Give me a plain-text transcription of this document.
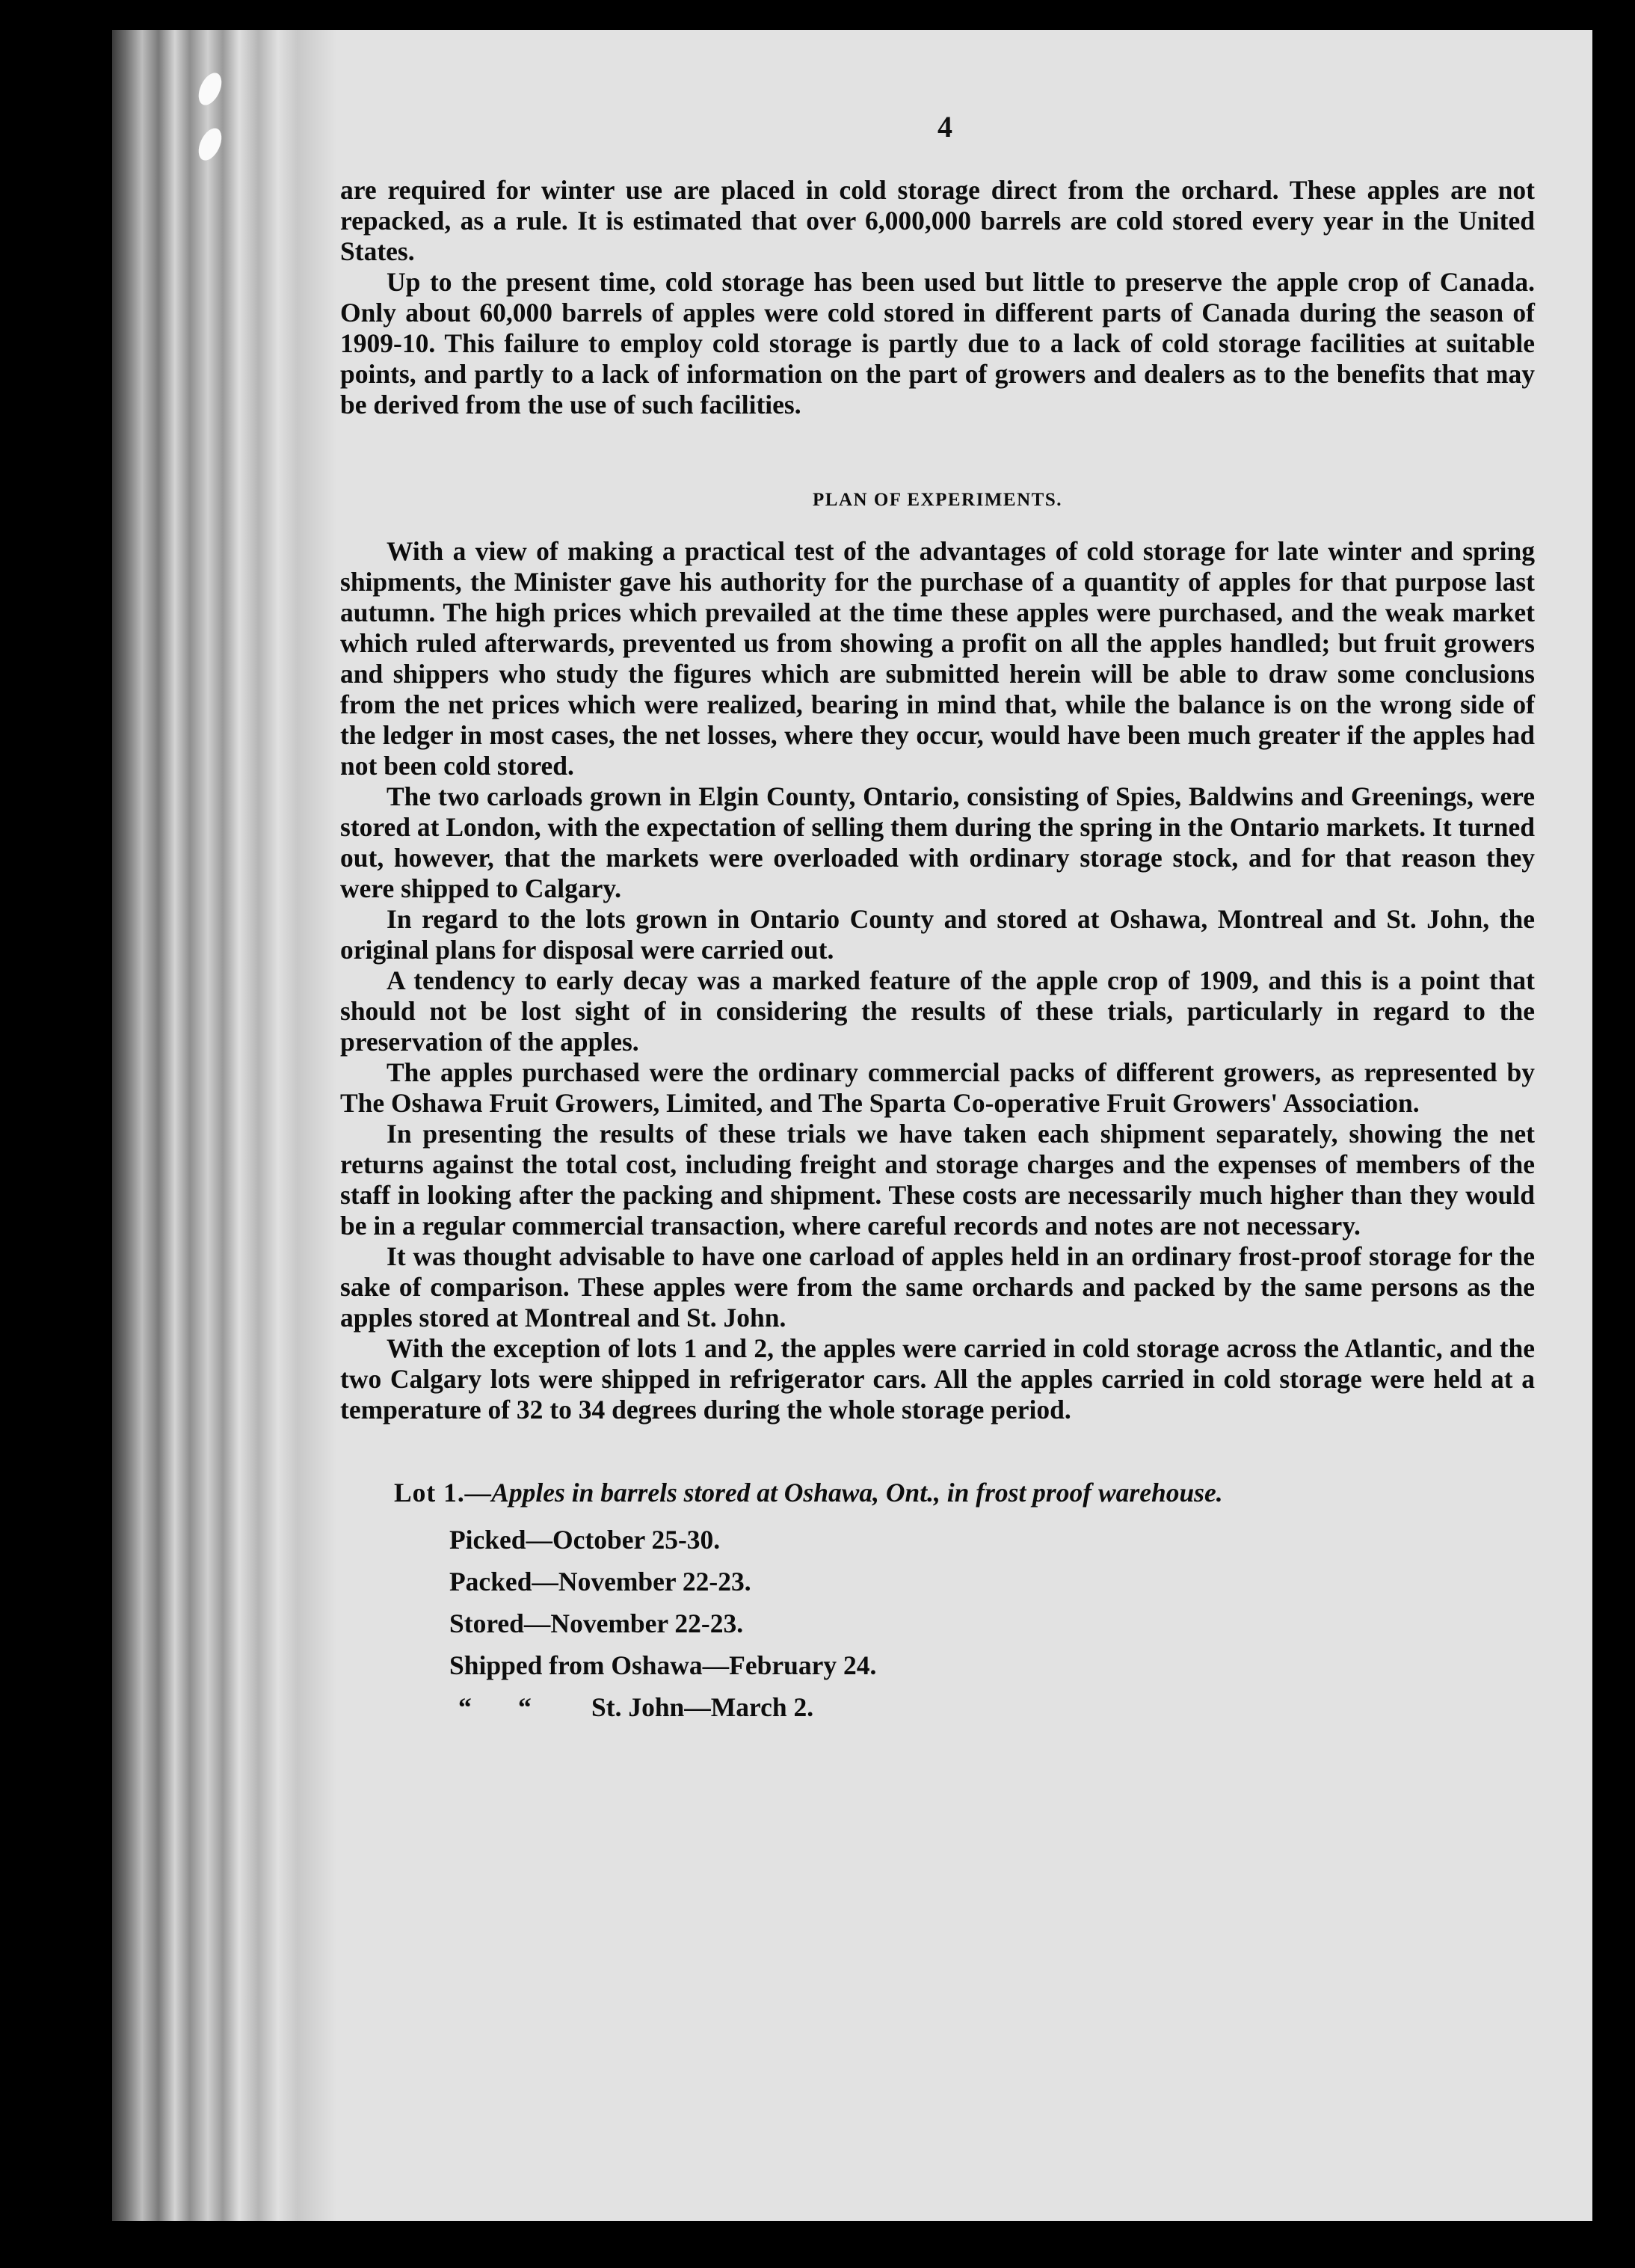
4

are required for winter use are placed in cold storage direct from the orchard. These apples are not repacked, as a rule. It is estimated that over 6,000,000 barrels are cold stored every year in the United States.

Up to the present time, cold storage has been used but little to preserve the apple crop of Canada. Only about 60,000 barrels of apples were cold stored in different parts of Canada during the season of 1909-10. This failure to employ cold storage is partly due to a lack of cold storage facilities at suitable points, and partly to a lack of information on the part of growers and dealers as to the benefits that may be derived from the use of such facilities.

PLAN OF EXPERIMENTS.

With a view of making a practical test of the advantages of cold storage for late winter and spring shipments, the Minister gave his authority for the purchase of a quantity of apples for that purpose last autumn. The high prices which prevailed at the time these apples were purchased, and the weak market which ruled afterwards, prevented us from showing a profit on all the apples handled; but fruit growers and shippers who study the figures which are submitted herein will be able to draw some conclusions from the net prices which were realized, bearing in mind that, while the balance is on the wrong side of the ledger in most cases, the net losses, where they occur, would have been much greater if the apples had not been cold stored.

The two carloads grown in Elgin County, Ontario, consisting of Spies, Baldwins and Greenings, were stored at London, with the expectation of selling them during the spring in the Ontario markets. It turned out, however, that the markets were overloaded with ordinary storage stock, and for that reason they were shipped to Calgary.

In regard to the lots grown in Ontario County and stored at Oshawa, Montreal and St. John, the original plans for disposal were carried out.

A tendency to early decay was a marked feature of the apple crop of 1909, and this is a point that should not be lost sight of in considering the results of these trials, particularly in regard to the preservation of the apples.

The apples purchased were the ordinary commercial packs of different growers, as represented by The Oshawa Fruit Growers, Limited, and The Sparta Co-operative Fruit Growers' Association.

In presenting the results of these trials we have taken each shipment separately, showing the net returns against the total cost, including freight and storage charges and the expenses of members of the staff in looking after the packing and shipment. These costs are necessarily much higher than they would be in a regular commercial transaction, where careful records and notes are not necessary.

It was thought advisable to have one carload of apples held in an ordinary frost-proof storage for the sake of comparison. These apples were from the same orchards and packed by the same persons as the apples stored at Montreal and St. John.

With the exception of lots 1 and 2, the apples were carried in cold storage across the Atlantic, and the two Calgary lots were shipped in refrigerator cars. All the apples carried in cold storage were held at a temperature of 32 to 34 degrees during the whole storage period.

Lot 1.—Apples in barrels stored at Oshawa, Ont., in frost proof warehouse.
Picked—October 25-30.
Packed—November 22-23.
Stored—November 22-23.
Shipped from Oshawa—February 24.
“	“	St. John—March 2.
